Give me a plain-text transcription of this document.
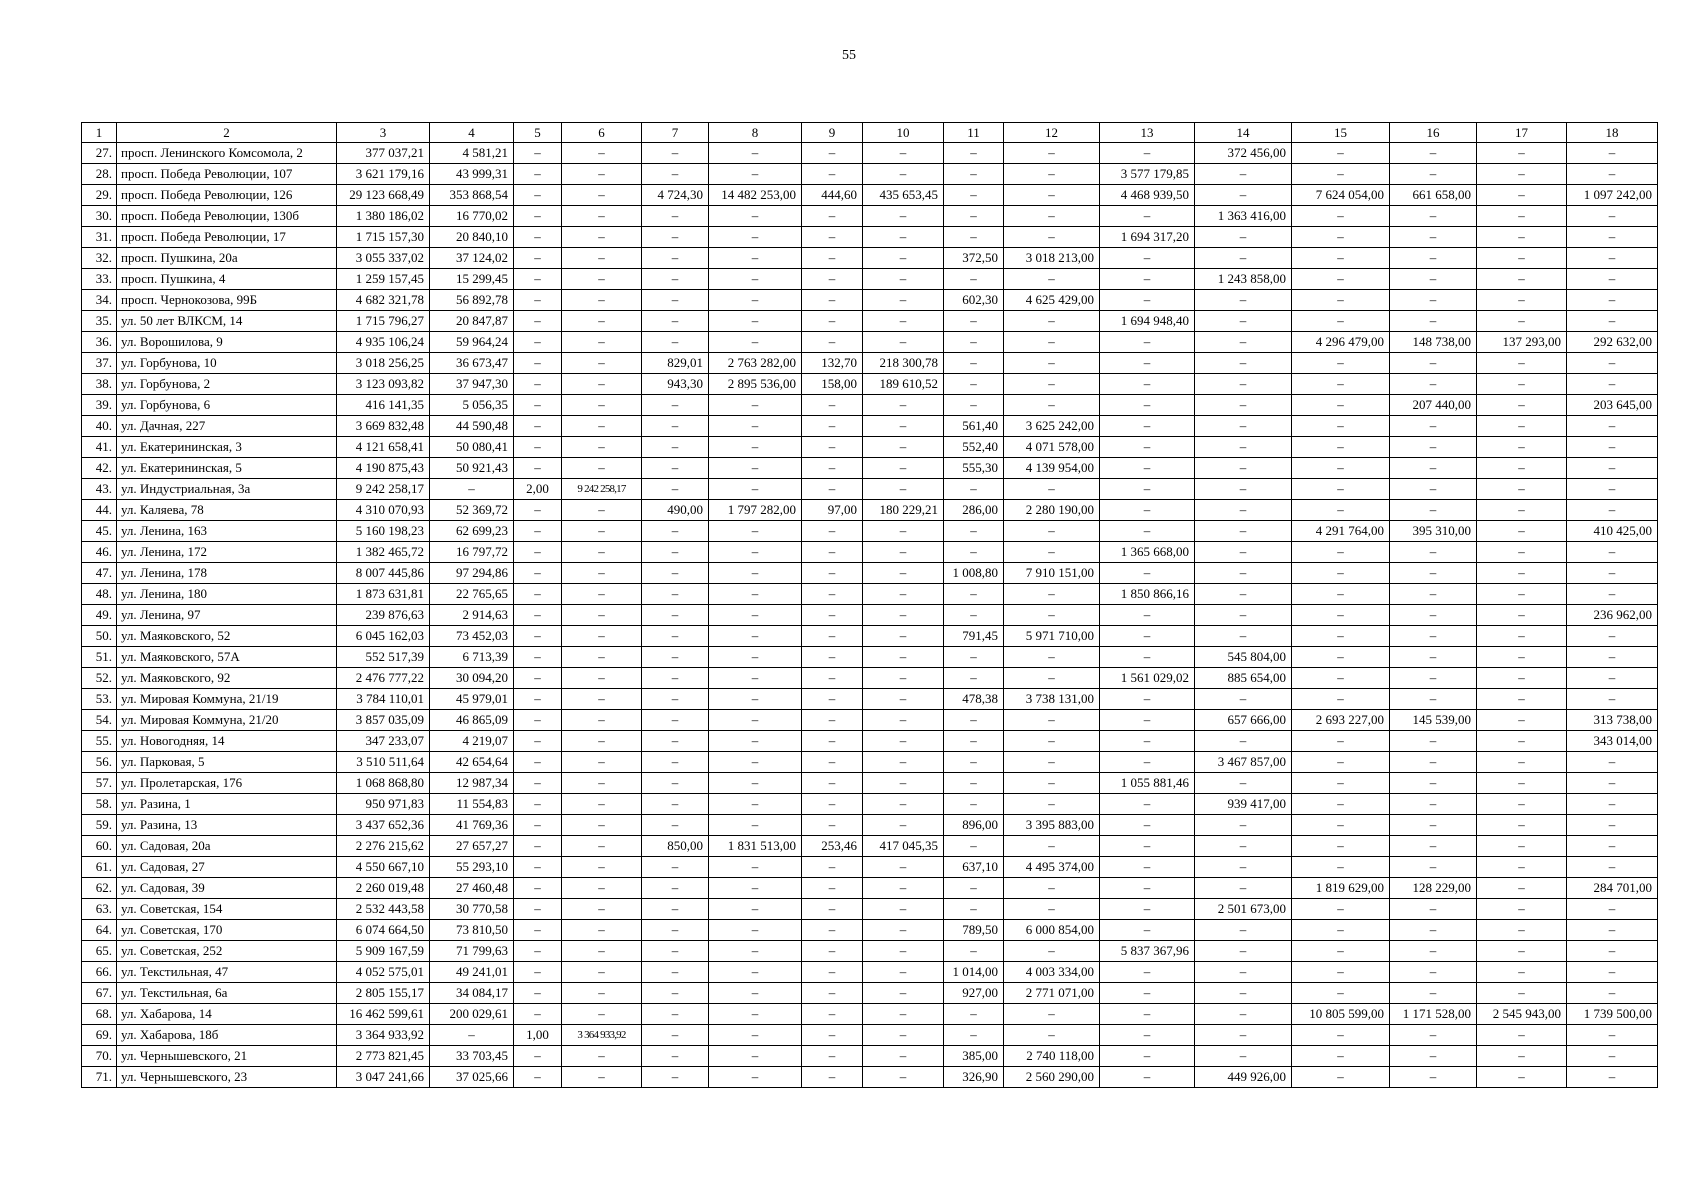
55
1	2	3	4	5	6	7	8	9	10	11	12	13	14	15	16	17	18
27.	просп. Ленинского Комсомола, 2	377 037,21	4 581,21	–	–	–	–	–	–	–	–	–	372 456,00	–	–	–	–
28.	просп. Победа Революции, 107	3 621 179,16	43 999,31	–	–	–	–	–	–	–	–	3 577 179,85	–	–	–	–	–
29.	просп. Победа Революции, 126	29 123 668,49	353 868,54	–	–	4 724,30	14 482 253,00	444,60	435 653,45	–	–	4 468 939,50	–	7 624 054,00	661 658,00	–	1 097 242,00
30.	просп. Победа Революции, 130б	1 380 186,02	16 770,02	–	–	–	–	–	–	–	–	–	1 363 416,00	–	–	–	–
31.	просп. Победа Революции, 17	1 715 157,30	20 840,10	–	–	–	–	–	–	–	–	1 694 317,20	–	–	–	–	–
32.	просп. Пушкина, 20а	3 055 337,02	37 124,02	–	–	–	–	–	–	372,50	3 018 213,00	–	–	–	–	–	–
33.	просп. Пушкина, 4	1 259 157,45	15 299,45	–	–	–	–	–	–	–	–	–	1 243 858,00	–	–	–	–
34.	просп. Чернокозова, 99Б	4 682 321,78	56 892,78	–	–	–	–	–	–	602,30	4 625 429,00	–	–	–	–	–	–
35.	ул. 50 лет ВЛКСМ, 14	1 715 796,27	20 847,87	–	–	–	–	–	–	–	–	1 694 948,40	–	–	–	–	–
36.	ул. Ворошилова, 9	4 935 106,24	59 964,24	–	–	–	–	–	–	–	–	–	–	4 296 479,00	148 738,00	137 293,00	292 632,00
37.	ул. Горбунова, 10	3 018 256,25	36 673,47	–	–	829,01	2 763 282,00	132,70	218 300,78	–	–	–	–	–	–	–	–
38.	ул. Горбунова, 2	3 123 093,82	37 947,30	–	–	943,30	2 895 536,00	158,00	189 610,52	–	–	–	–	–	–	–	–
39.	ул. Горбунова, 6	416 141,35	5 056,35	–	–	–	–	–	–	–	–	–	–	–	207 440,00	–	203 645,00
40.	ул. Дачная, 227	3 669 832,48	44 590,48	–	–	–	–	–	–	561,40	3 625 242,00	–	–	–	–	–	–
41.	ул. Екатерининская, 3	4 121 658,41	50 080,41	–	–	–	–	–	–	552,40	4 071 578,00	–	–	–	–	–	–
42.	ул. Екатерининская, 5	4 190 875,43	50 921,43	–	–	–	–	–	–	555,30	4 139 954,00	–	–	–	–	–	–
43.	ул. Индустриальная, 3а	9 242 258,17	–	2,00	9 242 258,17	–	–	–	–	–	–	–	–	–	–	–	–
44.	ул. Каляева, 78	4 310 070,93	52 369,72	–	–	490,00	1 797 282,00	97,00	180 229,21	286,00	2 280 190,00	–	–	–	–	–	–
45.	ул. Ленина, 163	5 160 198,23	62 699,23	–	–	–	–	–	–	–	–	–	–	4 291 764,00	395 310,00	–	410 425,00
46.	ул. Ленина, 172	1 382 465,72	16 797,72	–	–	–	–	–	–	–	–	1 365 668,00	–	–	–	–	–
47.	ул. Ленина, 178	8 007 445,86	97 294,86	–	–	–	–	–	–	1 008,80	7 910 151,00	–	–	–	–	–	–
48.	ул. Ленина, 180	1 873 631,81	22 765,65	–	–	–	–	–	–	–	–	1 850 866,16	–	–	–	–	–
49.	ул. Ленина, 97	239 876,63	2 914,63	–	–	–	–	–	–	–	–	–	–	–	–	–	236 962,00
50.	ул. Маяковского, 52	6 045 162,03	73 452,03	–	–	–	–	–	–	791,45	5 971 710,00	–	–	–	–	–	–
51.	ул. Маяковского, 57А	552 517,39	6 713,39	–	–	–	–	–	–	–	–	–	545 804,00	–	–	–	–
52.	ул. Маяковского, 92	2 476 777,22	30 094,20	–	–	–	–	–	–	–	–	1 561 029,02	885 654,00	–	–	–	–
53.	ул. Мировая Коммуна, 21/19	3 784 110,01	45 979,01	–	–	–	–	–	–	478,38	3 738 131,00	–	–	–	–	–	–
54.	ул. Мировая Коммуна, 21/20	3 857 035,09	46 865,09	–	–	–	–	–	–	–	–	–	657 666,00	2 693 227,00	145 539,00	–	313 738,00
55.	ул. Новогодняя, 14	347 233,07	4 219,07	–	–	–	–	–	–	–	–	–	–	–	–	–	343 014,00
56.	ул. Парковая, 5	3 510 511,64	42 654,64	–	–	–	–	–	–	–	–	–	3 467 857,00	–	–	–	–
57.	ул. Пролетарская, 176	1 068 868,80	12 987,34	–	–	–	–	–	–	–	–	1 055 881,46	–	–	–	–	–
58.	ул. Разина, 1	950 971,83	11 554,83	–	–	–	–	–	–	–	–	–	939 417,00	–	–	–	–
59.	ул. Разина, 13	3 437 652,36	41 769,36	–	–	–	–	–	–	896,00	3 395 883,00	–	–	–	–	–	–
60.	ул. Садовая, 20а	2 276 215,62	27 657,27	–	–	850,00	1 831 513,00	253,46	417 045,35	–	–	–	–	–	–	–	–
61.	ул. Садовая, 27	4 550 667,10	55 293,10	–	–	–	–	–	–	637,10	4 495 374,00	–	–	–	–	–	–
62.	ул. Садовая, 39	2 260 019,48	27 460,48	–	–	–	–	–	–	–	–	–	–	1 819 629,00	128 229,00	–	284 701,00
63.	ул. Советская, 154	2 532 443,58	30 770,58	–	–	–	–	–	–	–	–	–	2 501 673,00	–	–	–	–
64.	ул. Советская, 170	6 074 664,50	73 810,50	–	–	–	–	–	–	789,50	6 000 854,00	–	–	–	–	–	–
65.	ул. Советская, 252	5 909 167,59	71 799,63	–	–	–	–	–	–	–	–	5 837 367,96	–	–	–	–	–
66.	ул. Текстильная, 47	4 052 575,01	49 241,01	–	–	–	–	–	–	1 014,00	4 003 334,00	–	–	–	–	–	–
67.	ул. Текстильная, 6а	2 805 155,17	34 084,17	–	–	–	–	–	–	927,00	2 771 071,00	–	–	–	–	–	–
68.	ул. Хабарова, 14	16 462 599,61	200 029,61	–	–	–	–	–	–	–	–	–	–	10 805 599,00	1 171 528,00	2 545 943,00	1 739 500,00
69.	ул. Хабарова, 18б	3 364 933,92	–	1,00	3 364 933,92	–	–	–	–	–	–	–	–	–	–	–	–
70.	ул. Чернышевского, 21	2 773 821,45	33 703,45	–	–	–	–	–	–	385,00	2 740 118,00	–	–	–	–	–	–
71.	ул. Чернышевского, 23	3 047 241,66	37 025,66	–	–	–	–	–	–	326,90	2 560 290,00	–	449 926,00	–	–	–	–
